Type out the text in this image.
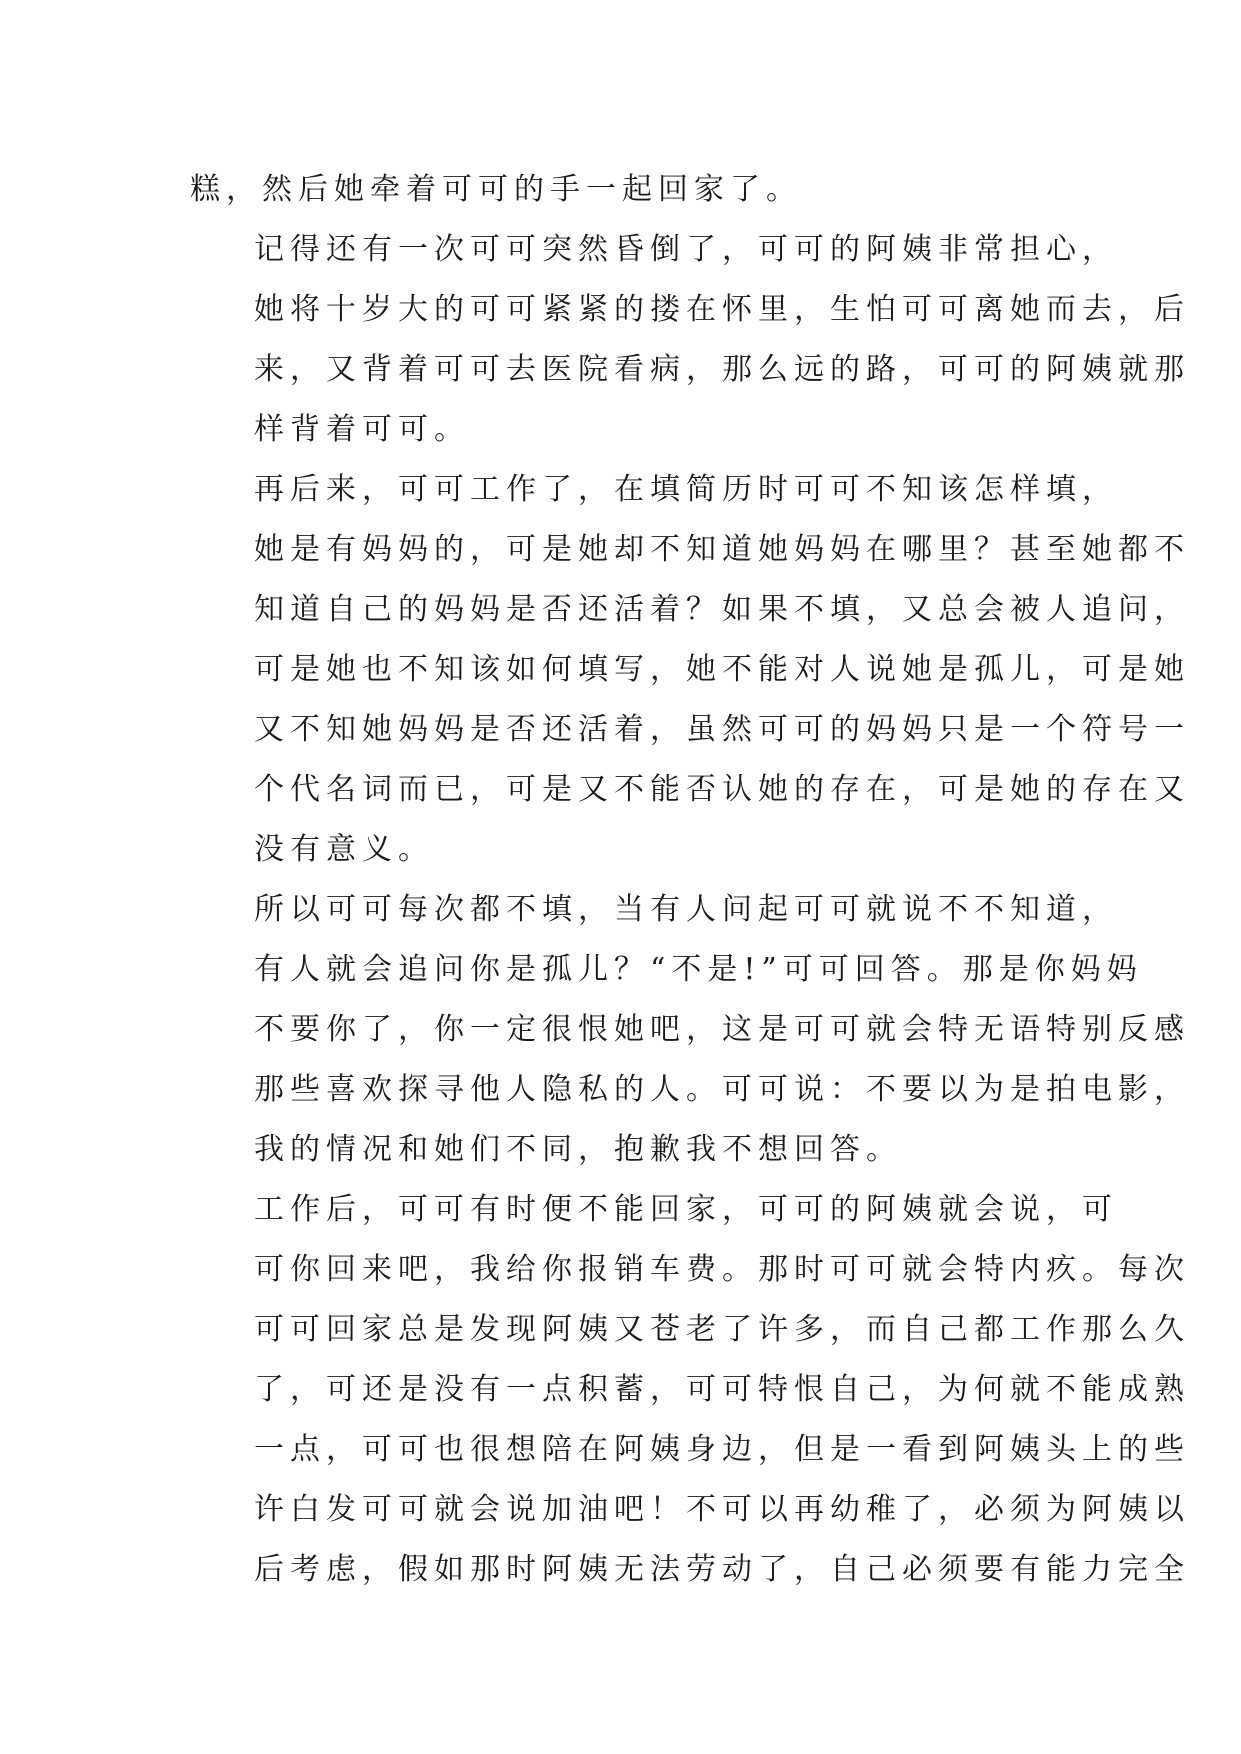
糕，然后她牵着可可的手一起回家了。

记得还有一次可可突然昏倒了，可可的阿姨非常担心，
她将十岁大的可可紧紧的搂在怀里，生怕可可离她而去，后
来，又背着可可去医院看病，那么远的路，可可的阿姨就那
样背着可可。

再后来，可可工作了，在填简历时可可不知该怎样填，
她是有妈妈的，可是她却不知道她妈妈在哪里？甚至她都不
知道自己的妈妈是否还活着？如果不填，又总会被人追问，
可是她也不知该如何填写，她不能对人说她是孤儿，可是她
又不知她妈妈是否还活着，虽然可可的妈妈只是一个符号一
个代名词而已，可是又不能否认她的存在，可是她的存在又
没有意义。

所以可可每次都不填，当有人问起可可就说不不知道，
有人就会追问你是孤儿？“不是!”可可回答。那是你妈妈
不要你了，你一定很恨她吧，这是可可就会特无语特别反感
那些喜欢探寻他人隐私的人。可可说：不要以为是拍电影，
我的情况和她们不同，抱歉我不想回答。

工作后，可可有时便不能回家，可可的阿姨就会说，可
可你回来吧，我给你报销车费。那时可可就会特内疚。每次
可可回家总是发现阿姨又苍老了许多，而自己都工作那么久
了，可还是没有一点积蓄，可可特恨自己，为何就不能成熟
一点，可可也很想陪在阿姨身边，但是一看到阿姨头上的些
许白发可可就会说加油吧！不可以再幼稚了，必须为阿姨以
后考虑，假如那时阿姨无法劳动了，自己必须要有能力完全
